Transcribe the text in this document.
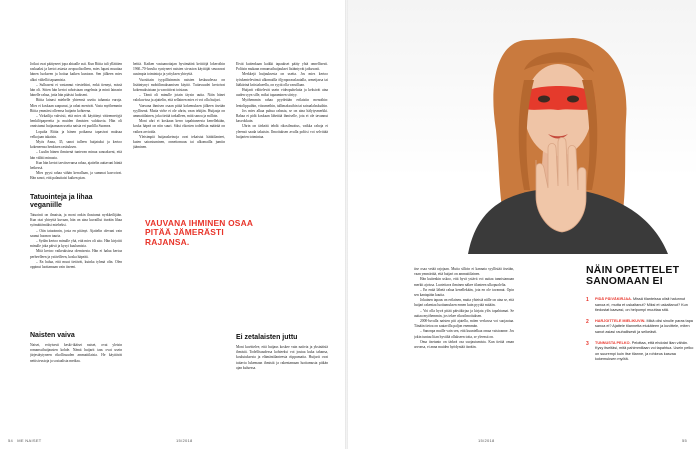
Jotkut ovat päätyneet jopa ahtaalle asti. Kun Riitta tuli yllättäen raskaaksi ja kertoi asiasta avopuolisolleen, mies lupasi muuttaa hänen luokseen ja hoitaa kaiken kuntoon. Sen jälkeen mies alkoi vältellä tapaamisia.

– Sulhaseni ei vastannut viesteihini, enkä tiennyt, missä hän oli. Sitten hän kertoi rahoistaan ongelmia ja minä lainasin hänelle rahaa, jotta hän pääsisi luokseni.

Riitta lainasi miehelle yhteensä useita tuhansia euroja. Mies ei koskaan saapunut, ja rahat menivät. Vasta myöhemmin Riitta ymmärsi olleensa huijarin kohteena.

– Virkailija vahvisti, että mies oli käyttänyt väärennettyjä henkilöpapereita ja muiden ihmisten valokuvia. Hän oli onnistunut huijaamaan useita naisia eri puolilla Suomea.

Lopulta Riitta ja hänen poikansa tapasivat maksaa velkojaan takaisin.

Myös Anna, 35, sanoi tulleen huijatuksi ja kertoo kokeneensa henkisen rasituksen.

– Luulin hänen ihmisenä tuntevan minua sanoakseni, että hän välitti minusta.

Kun hän kertoi tarvitsevansa rahaa, ajattelin auttavani häntä hetkessä.

Mies pyysi rahaa vähän kerrallaan, ja summat kasvoivat. Hän sanoi, että palauttaisi kaiken pian.

Tatuointeja ja lihaa veganiille

Tatuointi on ilmaista, ja moni onkin ihastunut nyrkkeilijään. Kun otat yhteyttä kuvaan, hän on aina kuvaillut itseään lihaa syömättömäksi mieheksi.

– Otin tatuoinnin, josta en pitänyt. Ajattelin olevani vain saanut huonon tuuria.

– Sydän kertoo minulle yhä, että mies oli aito. Hän kirjoitti minulle joka päivä ja kysyi kuulumisia.

Mitä kertoo vaikeuksissa olemisesta. Hän ei halua kertoa perheelleen ja ystävilleen, koska häpeää.

– En halua, että muut tietävät, kuinka tyhmä olin. Olen oppinut luottamaan vain itseeni.

Naisten vaiva

Naiset, erityisesti keski-ikäiset naiset, ovat yleisin romanssihuijausten kohde. Nämä huijarit taas ovat usein järjestäytyneen rikollisuuden ammattilaisia. He käyttävät nettisivustoja ja sosiaalista mediaa.

heittä. Kaiken vastaanottajan hyvämäärä keittiöjä lokeroihin 1960–70-luvulta syntyneet naisten sivuston käyttäjät seuraavat uusimpia toimintoja ja yrityksen yhteyttä.

Vuosittain tyypillisimmin naisten keskuudessa on lisääntynyt mobiilimaksamisen käyttö. Tuttavuudet kertoivat kokemuksistaan ja varoittivat toisiaan.

– Tämä oli minulle jotain täysin uutta. Näin hänet valokuvissa ja ajattelin, että sellainen mies ei voi olla huijari.

Vaavana ihmisen osaan pitää kokemuksen jälkeen itseään syyllisenä. Mutta virhe ei ole uhrin, vaan tekijän. Huijaaja on ammattilainen, joka tietää tarkalleen, mitä sanoa ja milloin.

Moni uhri ei koskaan kerro tapahtuneesta kenellekään, koska häpeä on niin suuri. Siksi rikosten todellista määrää on vaikea arvioida.

Yleisimpiä huijauskeinoja ovat tekaistut hätätilanteet, kuten sairastuminen, onnettomuus tai ulkomailla jumiin jääminen.

VAUVANA IHMINEN OSAA PITÄÄ JÄMERÄSTI RAJANSA.

Eivät kuitenkaan kaikki tapaukset pääty yhtä onnellisesti. Poliisin mukaan romanssihuijaukset lisääntyvät jatkuvasti.

Merkkejä huijauksesta on useita. Jos mies kertoo työskentelevänsä ulkomailla öljynporauslautalla, armeijassa tai lääkärinä kriisialueella, on syytä olla varuillaan.

Huijarit välttelevät usein videopuheluita ja keksivät aina uuden syyn sille, miksi tapaaminen siirtyy.

Myöhemmin rahaa pyydetään erilaisiin menoihin: lentolippuihin, viisumeihin, tullimaksuihin tai sairaalalaskuihin.

Jos mies alkaa puhua rahasta, se on aina hälytysmerkki. Rahaa ei pidä koskaan lähettää ihmiselle, jota ei ole tavannut kasvokkain.

Uhrin on tärkeää tehdä rikosilmoitus, vaikka rahoja ei yleensä saada takaisin. Ilmoituksen avulla poliisi voi selvittää huijarien toimintaa.

Ei zetalaisten juttu

Moni kuvittelee, että huijaus koskee vain naiivia ja yksinäisiä ihmisiä. Todellisuudessa kohteeksi voi joutua kuka tahansa, koulutuksesta ja elämäntilanteesta riippumatta. Huijarit ovat taitavia lukemaan ihmisiä ja rakentamaan luottamusta pitkän ajan kuluessa.

54 ME NAISET	15/2018

itse osaa vetää rajojaan. Mutta silloin ei kannata syyllistää itseään, vaan ymmärtää, että huijari on ammattilainen.

Hän kuitenkin uskoo, että hyvä ystävä voi auttaa tunnistamaan merkit ajoissa. Luotettava ihminen näkee tilanteen ulkopuolelta.

– En enää lähetä rahaa kenellekään, jota en ole tavannut. Opin sen kantapään kautta.

Jokainen tapaus on erilainen, mutta yhteistä niille on aina se, että huijari rakentaa luottamuksen ennen kuin pyytää mitään.

– Voi olla hyvä pitää päiväkirjaa ja kirjata ylös tapahtumat. Se auttaa myöhemmin, jos tekee rikosilmoituksen.

2000-luvulla naisten piti ajatella, miten verkossa voi suojautua. Tänään tietoa on saatavilla paljon enemmän.

– Sanonpa muille vain sen, että kuuntelkaa omaa vaistoanne. Jos jokin tuntuu liian hyvältä ollakseen totta, se yleensä on.

Oma itsetunto on tärkeä osa suojautumista. Kun tietää oman arvonsa, ei anna muiden hyödyntää itseään.

15/2018	55
NÄIN OPETTELET SANOMAAN EI
1	PIDÄ PÄIVÄKIRJAA. Missä tilanteissa olisit halunnut sanoa ei, mutta et uskaltanut? Miksi et uskaltanut? Kun tiedostat kaavasi, on helpompi muuttaa sitä.
2	HARJOITTELE MIELIKUVIN. Mikä olisi sinulle paras tapa sanoa ei? Ajattele tilannetta etukäteen ja kuvittele, miten sanot asiasi rauhallisesti ja selkeästi.
3	TUNNUSTA PELKO. Pelottaa, että ehdotat liian vähän. Kysy itseltäsi, mitä pahimmillaan voi tapahtua. Usein pelko on suurempi kuin itse tilanne, ja rohkeus kasvaa kokemuksen myötä.
